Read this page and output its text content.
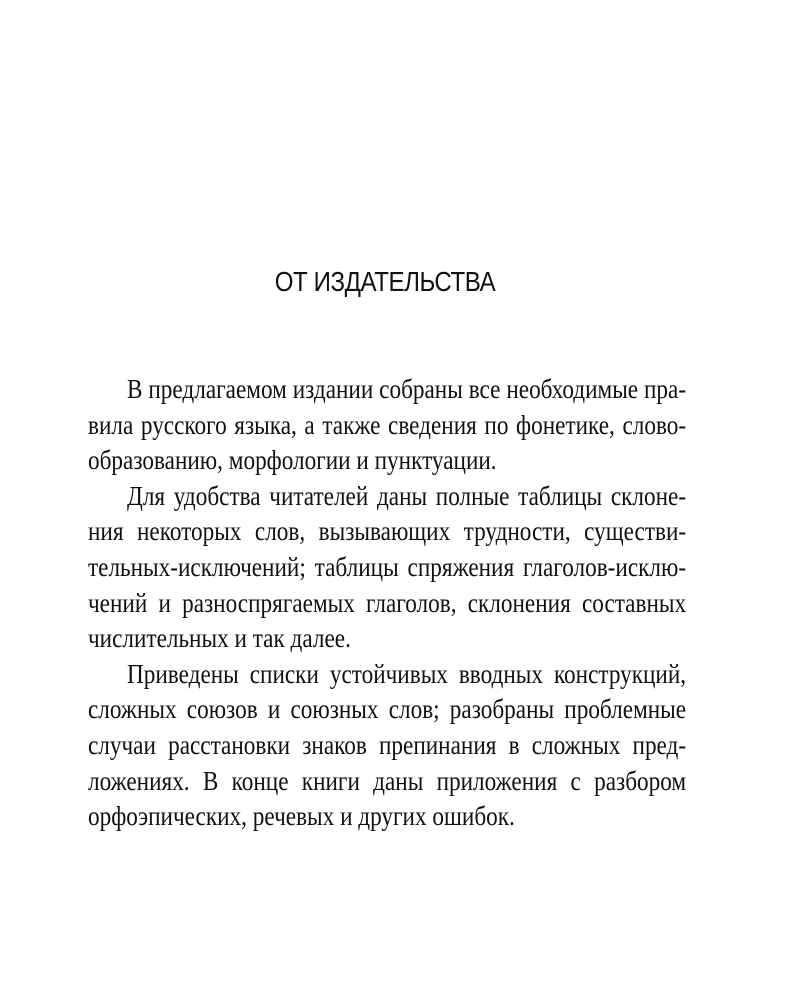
ОТ ИЗДАТЕЛЬСТВА
В предлагаемом издании собраны все необходимые пра-
вила русского языка, а также сведения по фонетике, слово-
образованию, морфологии и пунктуации.
Для удобства читателей даны полные таблицы склоне-
ния некоторых слов, вызывающих трудности, существи-
тельных-исключений; таблицы спряжения глаголов-исклю-
чений и разноспрягаемых глаголов, склонения составных
числительных и так далее.
Приведены списки устойчивых вводных конструкций,
сложных союзов и союзных слов; разобраны проблемные
случаи расстановки знаков препинания в сложных пред-
ложениях. В конце книги даны приложения с разбором
орфоэпических, речевых и других ошибок.
